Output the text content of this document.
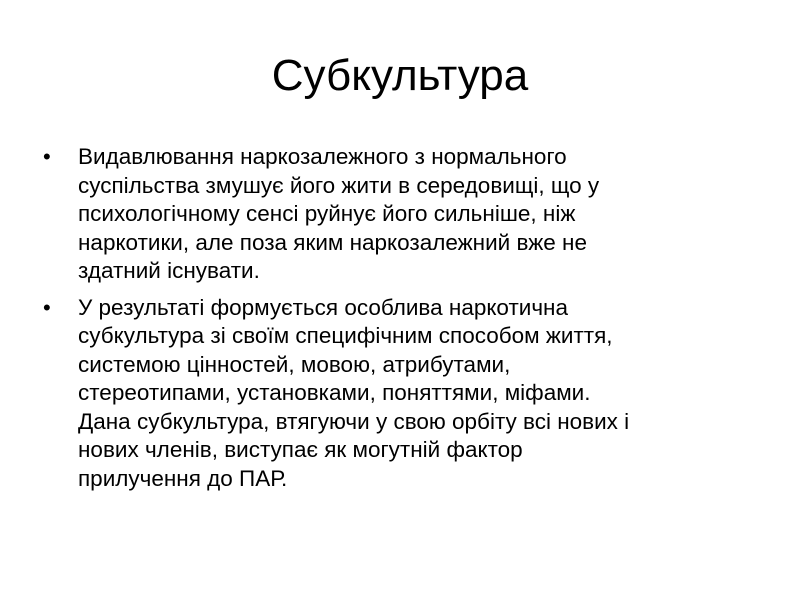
Субкультура
•	Видавлювання наркозалежного з нормального
суспільства змушує його жити в середовищі, що у
психологічному сенсі руйнує його сильніше, ніж
наркотики, але поза яким наркозалежний вже не
здатний існувати.
•	У результаті формується особлива наркотична
субкультура зі своїм специфічним способом життя,
системою цінностей, мовою, атрибутами,
стереотипами, установками, поняттями, міфами.
Дана субкультура, втягуючи у свою орбіту всі нових і
нових членів, виступає як могутній фактор
прилучення до ПАР.
